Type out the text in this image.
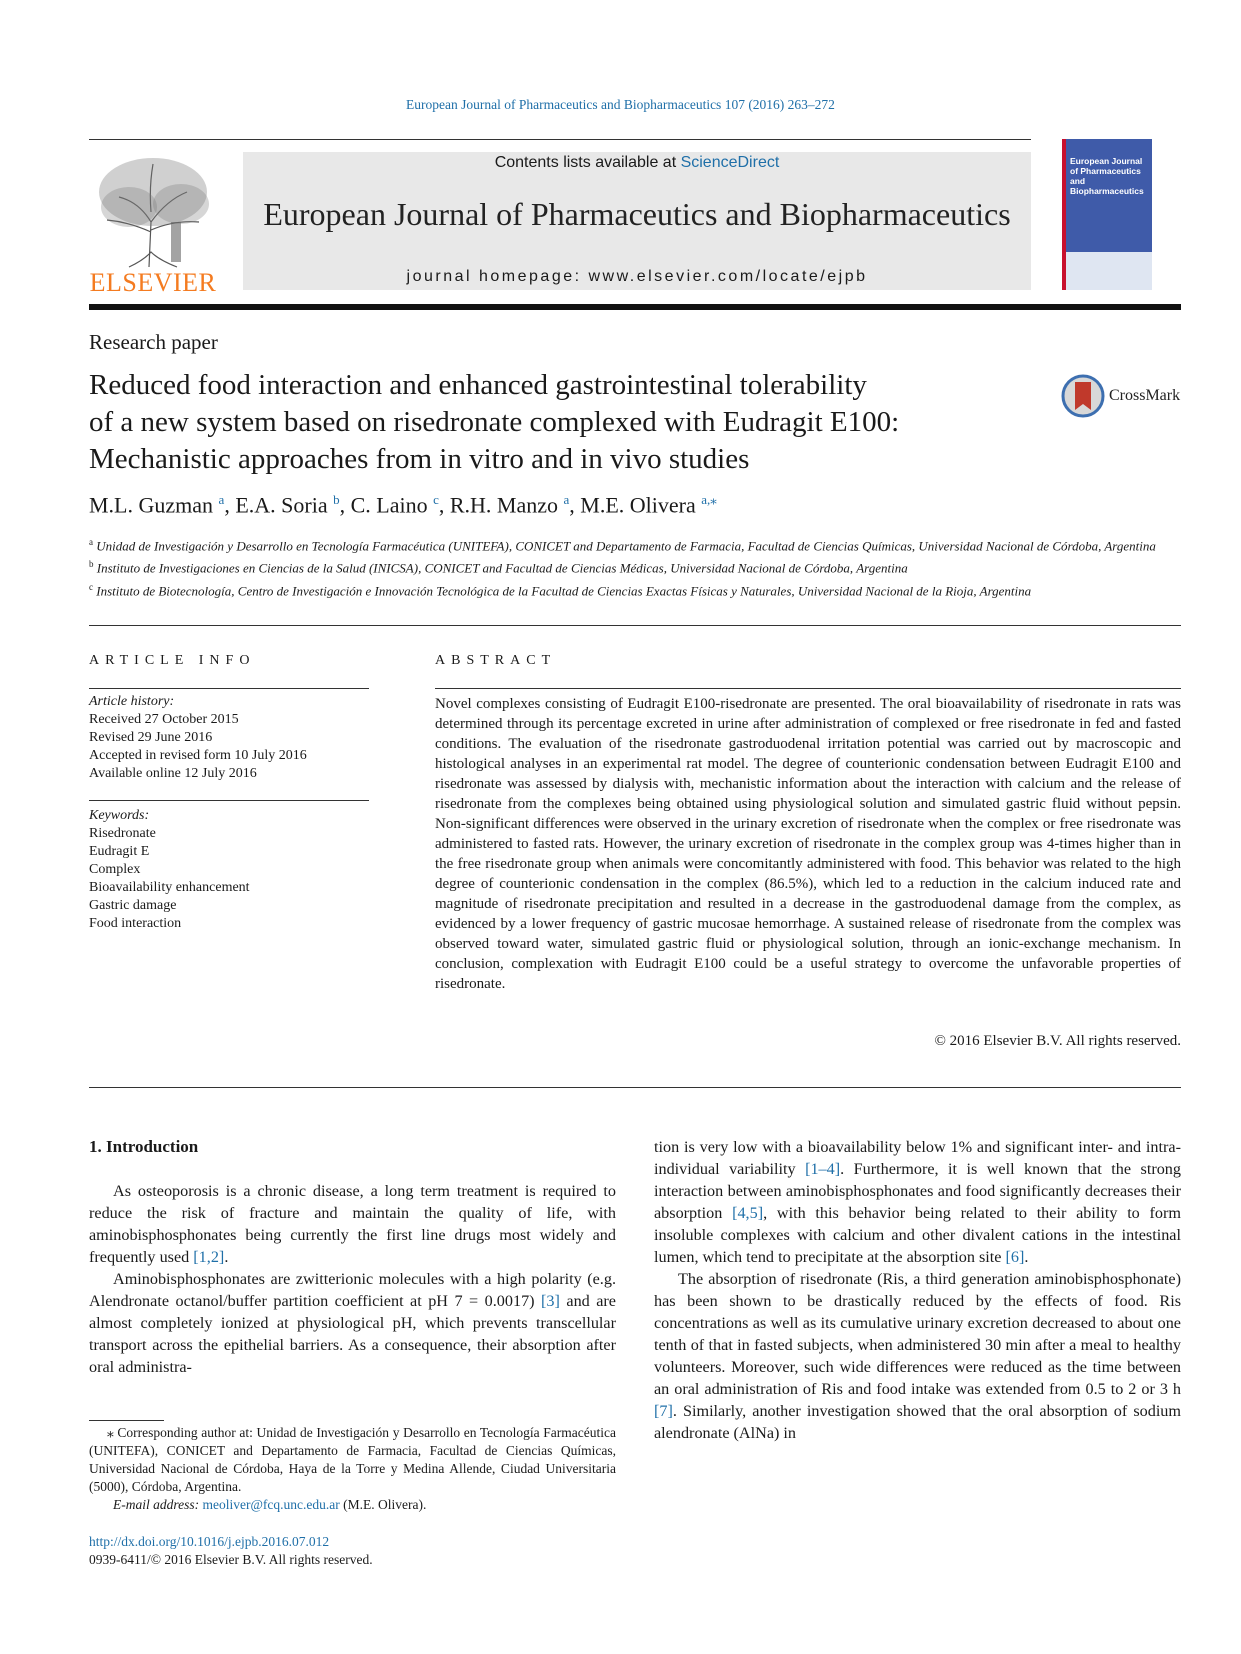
European Journal of Pharmaceutics and Biopharmaceutics 107 (2016) 263–272
ELSEVIER
Contents lists available at ScienceDirect
European Journal of Pharmaceutics and Biopharmaceutics
journal homepage: www.elsevier.com/locate/ejpb
European Journal of Pharmaceutics and Biopharmaceutics
Research paper
Reduced food interaction and enhanced gastrointestinal tolerability
of a new system based on risedronate complexed with Eudragit E100:
Mechanistic approaches from in vitro and in vivo studies
CrossMark
M.L. Guzman $^a$, E.A. Soria $^b$, C. Laino $^c$, R.H. Manzo $^a$, M.E. Olivera $^{a,⁎}$

$^a$ Unidad de Investigación y Desarrollo en Tecnología Farmacéutica (UNITEFA), CONICET and Departamento de Farmacia, Facultad de Ciencias Químicas, Universidad Nacional de Córdoba, Argentina

$^b$ Instituto de Investigaciones en Ciencias de la Salud (INICSA), CONICET and Facultad de Ciencias Médicas, Universidad Nacional de Córdoba, Argentina

$^c$ Instituto de Biotecnología, Centro de Investigación e Innovación Tecnológica de la Facultad de Ciencias Exactas Físicas y Naturales, Universidad Nacional de la Rioja, Argentina

ARTICLE INFO
Article history:
Received 27 October 2015
Revised 29 June 2016
Accepted in revised form 10 July 2016
Available online 12 July 2016
Keywords:
Risedronate
Eudragit E
Complex
Bioavailability enhancement
Gastric damage
Food interaction
ABSTRACT
Novel complexes consisting of Eudragit E100-risedronate are presented. The oral bioavailability of risedronate in rats was determined through its percentage excreted in urine after administration of complexed or free risedronate in fed and fasted conditions. The evaluation of the risedronate gastroduodenal irritation potential was carried out by macroscopic and histological analyses in an experimental rat model. The degree of counterionic condensation between Eudragit E100 and risedronate was assessed by dialysis with, mechanistic information about the interaction with calcium and the release of risedronate from the complexes being obtained using physiological solution and simulated gastric fluid without pepsin. Non-significant differences were observed in the urinary excretion of risedronate when the complex or free risedronate was administered to fasted rats. However, the urinary excretion of risedronate in the complex group was 4-times higher than in the free risedronate group when animals were concomitantly administered with food. This behavior was related to the high degree of counterionic condensation in the complex (86.5%), which led to a reduction in the calcium induced rate and magnitude of risedronate precipitation and resulted in a decrease in the gastroduodenal damage from the complex, as evidenced by a lower frequency of gastric mucosae hemorrhage. A sustained release of risedronate from the complex was observed toward water, simulated gastric fluid or physiological solution, through an ionic-exchange mechanism. In conclusion, complexation with Eudragit E100 could be a useful strategy to overcome the unfavorable properties of risedronate.
© 2016 Elsevier B.V. All rights reserved.
1. Introduction

As osteoporosis is a chronic disease, a long term treatment is required to reduce the risk of fracture and maintain the quality of life, with aminobisphosphonates being currently the first line drugs most widely and frequently used [1,2].

Aminobisphosphonates are zwitterionic molecules with a high polarity (e.g. Alendronate octanol/buffer partition coefficient at pH 7 = 0.0017) [3] and are almost completely ionized at physiological pH, which prevents transcellular transport across the epithelial barriers. As a consequence, their absorption after oral administra-

tion is very low with a bioavailability below 1% and significant inter- and intra-individual variability [1–4]. Furthermore, it is well known that the strong interaction between aminobisphosphonates and food significantly decreases their absorption [4,5], with this behavior being related to their ability to form insoluble complexes with calcium and other divalent cations in the intestinal lumen, which tend to precipitate at the absorption site [6].

The absorption of risedronate (Ris, a third generation aminobisphosphonate) has been shown to be drastically reduced by the effects of food. Ris concentrations as well as its cumulative urinary excretion decreased to about one tenth of that in fasted subjects, when administered 30 min after a meal to healthy volunteers. Moreover, such wide differences were reduced as the time between an oral administration of Ris and food intake was extended from 0.5 to 2 or 3 h [7]. Similarly, another investigation showed that the oral absorption of sodium alendronate (AlNa) in

⁎ Corresponding author at: Unidad de Investigación y Desarrollo en Tecnología Farmacéutica (UNITEFA), CONICET and Departamento de Farmacia, Facultad de Ciencias Químicas, Universidad Nacional de Córdoba, Haya de la Torre y Medina Allende, Ciudad Universitaria (5000), Córdoba, Argentina.

E-mail address: meoliver@fcq.unc.edu.ar (M.E. Olivera).
http://dx.doi.org/10.1016/j.ejpb.2016.07.012
0939-6411/© 2016 Elsevier B.V. All rights reserved.
